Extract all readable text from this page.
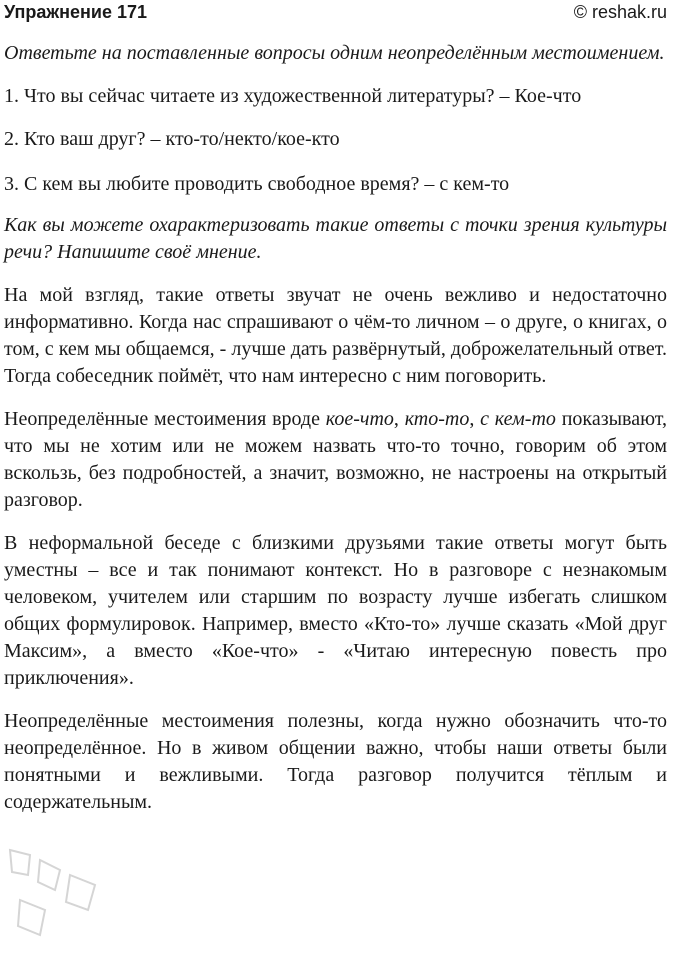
Упражнение 171	© reshak.ru

Ответьте на поставленные вопросы одним неопределённым местоимением.

1. Что вы сейчас читаете из художественной литературы? – Кое-что

2. Кто ваш друг? – кто-то/некто/кое-кто

3. С кем вы любите проводить свободное время? – с кем-то

Как вы можете охарактеризовать такие ответы с точки зрения культуры речи? Напишите своё мнение.

На мой взгляд, такие ответы звучат не очень вежливо и недостаточно информативно. Когда нас спрашивают о чём-то личном – о друге, о книгах, о том, с кем мы общаемся, - лучше дать развёрнутый, доброжелательный ответ. Тогда собеседник поймёт, что нам интересно с ним поговорить.

Неопределённые местоимения вроде кое-что, кто-то, с кем-то показывают, что мы не хотим или не можем назвать что-то точно, говорим об этом вскользь, без подробностей, а значит, возможно, не настроены на открытый разговор.

В неформальной беседе с близкими друзьями такие ответы могут быть уместны – все и так понимают контекст. Но в разговоре с незнакомым человеком, учителем или старшим по возрасту лучше избегать слишком общих формулировок. Например, вместо «Кто-то» лучше сказать «Мой друг Максим», а вместо «Кое-что» - «Читаю интересную повесть про приключения».

Неопределённые местоимения полезны, когда нужно обозначить что-то неопределённое. Но в живом общении важно, чтобы наши ответы были понятными и вежливыми. Тогда разговор получится тёплым и содержательным.
